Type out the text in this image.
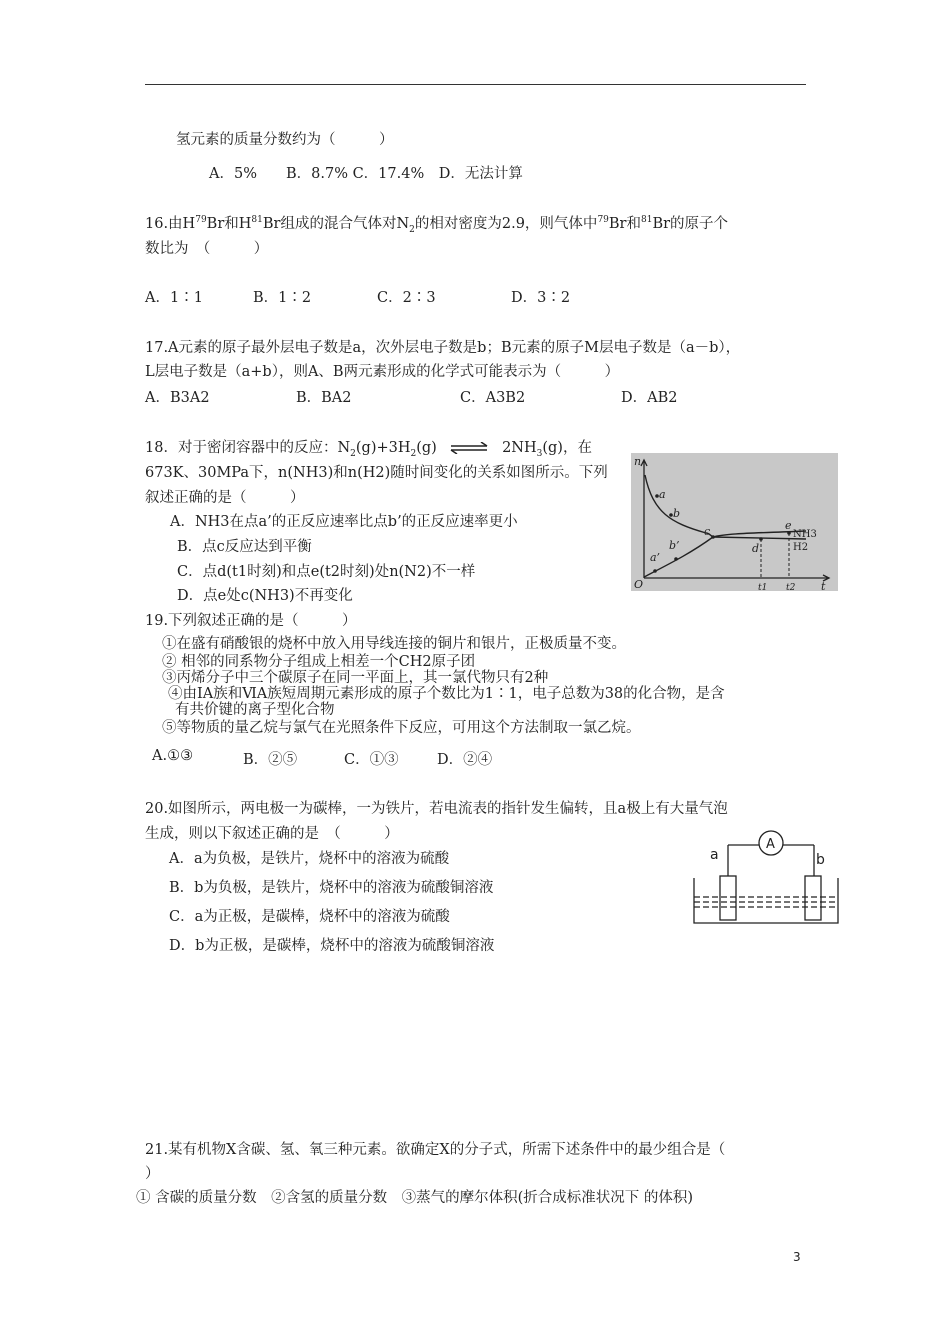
氢元素的质量分数约为（　　　）
A．5%　　B．8.7% C．17.4%　D．无法计算
16.由$H^{79}Br$和$H^{81}Br$组成的混合气体对$N_2$的相对密度为2.9，则气体中$^{79}$Br和$^{81}$Br的原子个
数比为　（　　　）
A．1∶1	B．1∶2	C．2∶3	D．3∶2
17.A元素的原子最外层电子数是a，次外层电子数是b；B元素的原子M层电子数是（a－b），
L层电子数是（a+b），则A、B两元素形成的化学式可能表示为（　　　）
A．B3A2	B．BA2	C．A3B2	D．AB2
18．对于密闭容器中的反应：$N_2(g)+3H_2(g)$ ⇌ $2NH_3(g)$，在
673K、30MPa下，n(NH3)和n(H2)随时间变化的关系如图所示。下列
叙述正确的是（　　　）
A．NH3在点a’的正反应速率比点b’的正反应速率更小
B．点c反应达到平衡
C．点d(t1时刻)和点e(t2时刻)处n(N2)不一样
D．点e处c(NH3)不再变化
n
t
O
a
b
c
d
e
a’
b’
NH3
H2
t1 t2
19.下列叙述正确的是（　　　）
①在盛有硝酸银的烧杯中放入用导线连接的铜片和银片，正极质量不变。
② 相邻的同系物分子组成上相差一个CH2原子团
③丙烯分子中三个碳原子在同一平面上，其一氯代物只有2种
④由ⅠA族和ⅥA族短周期元素形成的原子个数比为1∶1，电子总数为38的化合物，是含
有共价键的离子型化合物
⑤等物质的量乙烷与氯气在光照条件下反应，可用这个方法制取一氯乙烷。
A.①③	B．②⑤	C．①③	D．②④
20.如图所示，两电极一为碳棒，一为铁片，若电流表的指针发生偏转，且a极上有大量气泡
生成，则以下叙述正确的是　（　　　）
A．a为负极，是铁片，烧杯中的溶液为硫酸
B．b为负极，是铁片，烧杯中的溶液为硫酸铜溶液
C．a为正极，是碳棒，烧杯中的溶液为硫酸
D．b为正极，是碳棒，烧杯中的溶液为硫酸铜溶液
A
a	b
21.某有机物X含碳、氢、氧三种元素。欲确定X的分子式，所需下述条件中的最少组合是（
）
① 含碳的质量分数　②含氢的质量分数　③蒸气的摩尔体积(折合成标准状况下 的体积)
3
